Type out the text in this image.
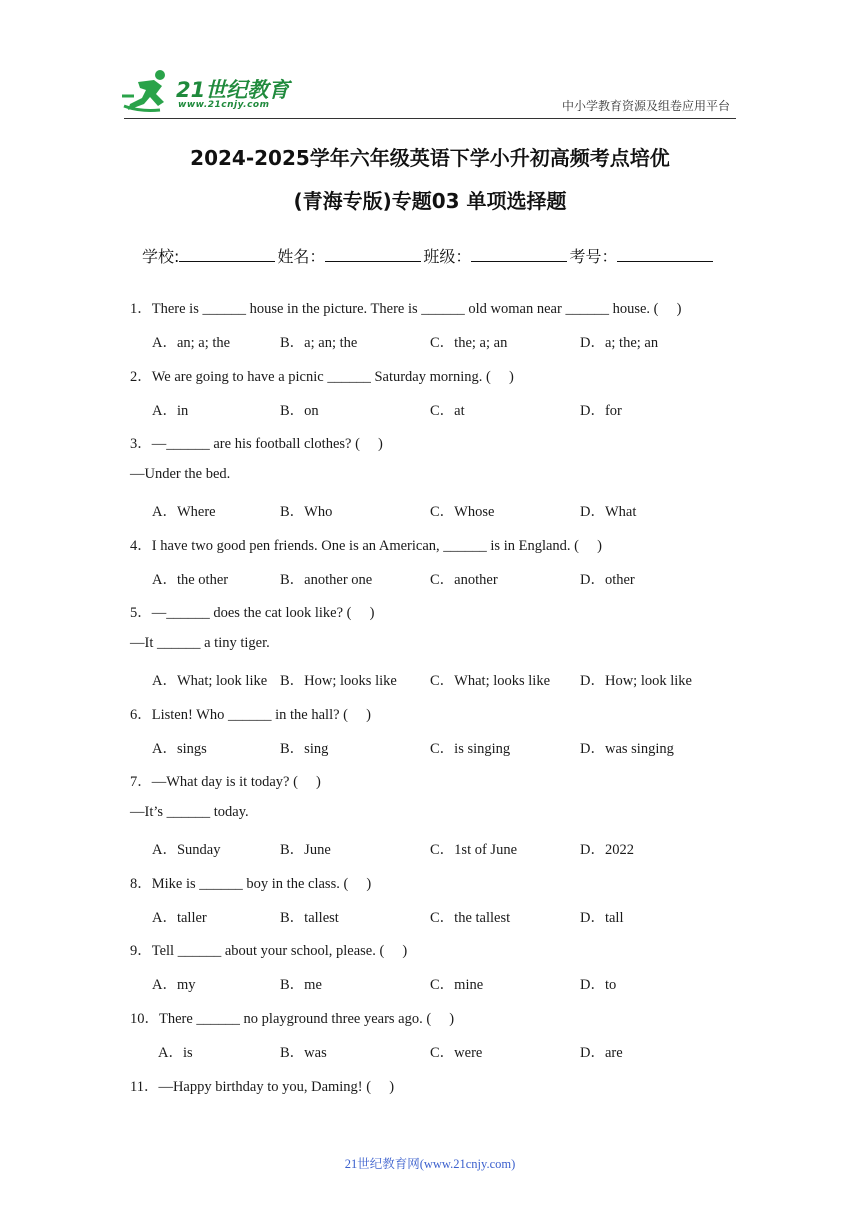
21世纪教育
www.21cnjy.com	中小学教育资源及组卷应用平台
2024-2025学年六年级英语下学小升初高频考点培优
(青海专版)专题03 单项选择题
学校:	姓名：	班级：	考号：
1．There is ______ house in the picture. There is ______ old woman near ______ house. (　 )
A．an; a; the	B．a; an; the	C．the; a; an	D．a; the; an
2．We are going to have a picnic ______ Saturday morning. (　 )
A．in	B．on	C．at	D．for
3．—______ are his football clothes? (　 )
—Under the bed.
A．Where	B．Who	C．Whose	D．What
4．I have two good pen friends. One is an American, ______ is in England. (　 )
A．the other	B．another one	C．another	D．other
5．—______ does the cat look like? (　 )
—It ______ a tiny tiger.
A．What; look like B．How; looks like C．What; looks like D．How; look like
6．Listen! Who ______ in the hall? (　 )
A．sings	B．sing	C．is singing	D．was singing
7．—What day is it today? (　 )
—It’s ______ today.
A．Sunday	B．June	C．1st of June	D．2022
8．Mike is ______ boy in the class. (　 )
A．taller	B．tallest	C．the tallest	D．tall
9．Tell ______ about your school, please. (　 )
A．my	B．me	C．mine	D．to
10．There ______ no playground three years ago. (　 )
A．is	B．was	C．were	D．are
11．—Happy birthday to you, Daming! (　 )
21世纪教育网(www.21cnjy.com)
